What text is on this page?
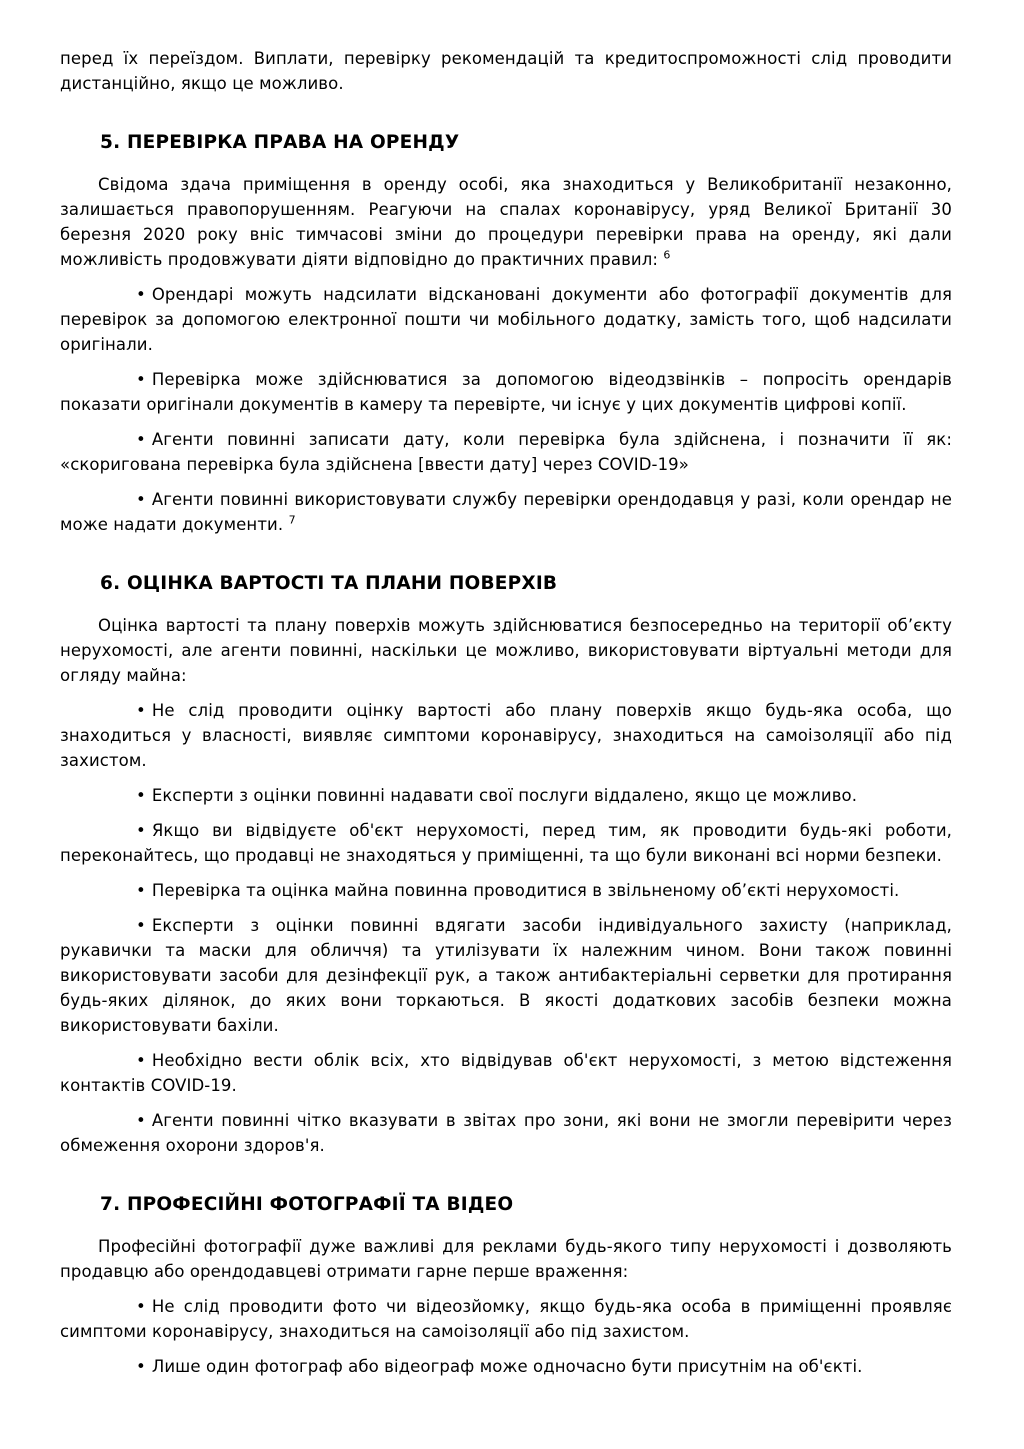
перед їх переїздом. Виплати, перевірку рекомендацій та кредитоспроможності слід проводити дистанційно, якщо це можливо.

5. ПЕРЕВІРКА ПРАВА НА ОРЕНДУ

Свідома здача приміщення в оренду особі, яка знаходиться у Великобританії незаконно, залишається правопорушенням. Реагуючи на спалах коронавірусу, уряд Великої Британії 30 березня 2020 року вніс тимчасові зміни до процедури перевірки права на оренду, які дали можливість продовжувати діяти відповідно до практичних правил: $^6$

• Орендарі можуть надсилати відскановані документи або фотографії документів для перевірок за допомогою електронної пошти чи мобільного додатку, замість того, щоб надсилати оригінали.

• Перевірка може здійснюватися за допомогою відеодзвінків – попросіть орендарів показати оригінали документів в камеру та перевірте, чи існує у цих документів цифрові копії.

• Агенти повинні записати дату, коли перевірка була здійснена, і позначити її як: «скоригована перевірка була здійснена [ввести дату] через COVID-19»

• Агенти повинні використовувати службу перевірки орендодавця у разі, коли орендар не може надати документи. $^7$

6. ОЦІНКА ВАРТОСТІ ТА ПЛАНИ ПОВЕРХІВ

Оцінка вартості та плану поверхів можуть здійснюватися безпосередньо на території об’єкту нерухомості, але агенти повинні, наскільки це можливо, використовувати віртуальні методи для огляду майна:

• Не слід проводити оцінку вартості або плану поверхів якщо будь-яка особа, що знаходиться у власності, виявляє симптоми коронавірусу, знаходиться на самоізоляції або під захистом.

• Експерти з оцінки повинні надавати свої послуги віддалено, якщо це можливо.

• Якщо ви відвідуєте об'єкт нерухомості, перед тим, як проводити будь-які роботи, переконайтесь, що продавці не знаходяться у приміщенні, та що були виконані всі норми безпеки.

• Перевірка та оцінка майна повинна проводитися в звільненому об’єкті нерухомості.

• Експерти з оцінки повинні вдягати засоби індивідуального захисту (наприклад, рукавички та маски для обличчя) та утилізувати їх належним чином. Вони також повинні використовувати засоби для дезінфекції рук, а також антибактеріальні серветки для протирання будь-яких ділянок, до яких вони торкаються. В якості додаткових засобів безпеки можна використовувати бахіли.

• Необхідно вести облік всіх, хто відвідував об'єкт нерухомості, з метою відстеження контактів COVID-19.

• Агенти повинні чітко вказувати в звітах про зони, які вони не змогли перевірити через обмеження охорони здоров'я.

7. ПРОФЕСІЙНІ ФОТОГРАФІЇ ТА ВІДЕО

Професійні фотографії дуже важливі для реклами будь-якого типу нерухомості і дозволяють продавцю або орендодавцеві отримати гарне перше враження:

• Не слід проводити фото чи відеозйомку, якщо будь-яка особа в приміщенні проявляє симптоми коронавірусу, знаходиться на самоізоляції або під захистом.

• Лише один фотограф або відеограф може одночасно бути присутнім на об'єкті.
